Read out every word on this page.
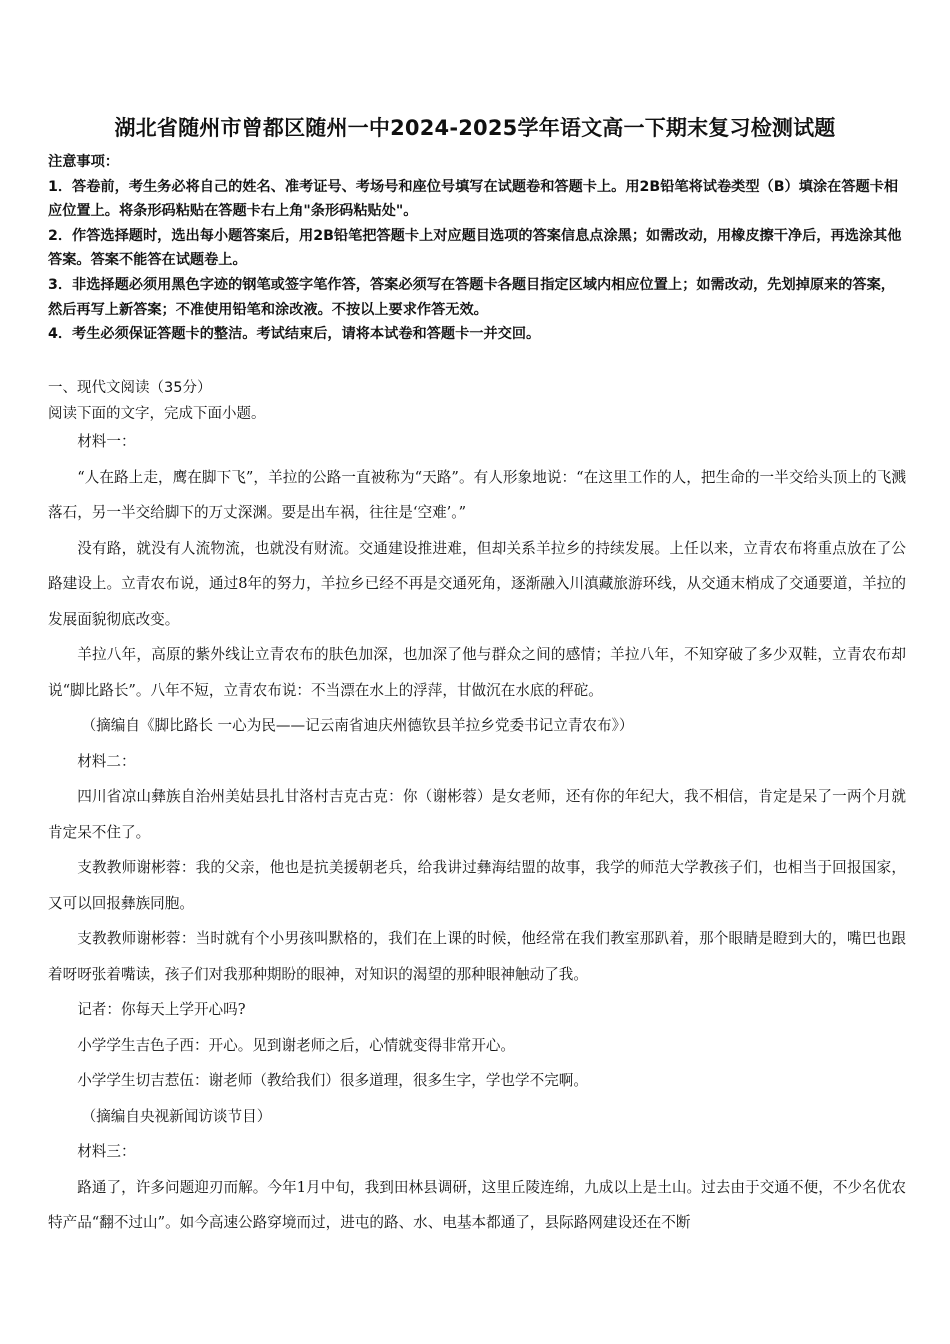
湖北省随州市曾都区随州一中2024-2025学年语文高一下期末复习检测试题

注意事项：

1．答卷前，考生务必将自己的姓名、准考证号、考场号和座位号填写在试题卷和答题卡上。用2B铅笔将试卷类型（B）填涂在答题卡相应位置上。将条形码粘贴在答题卡右上角"条形码粘贴处"。

2．作答选择题时，选出每小题答案后，用2B铅笔把答题卡上对应题目选项的答案信息点涂黑；如需改动，用橡皮擦干净后，再选涂其他答案。答案不能答在试题卷上。

3．非选择题必须用黑色字迹的钢笔或签字笔作答，答案必须写在答题卡各题目指定区域内相应位置上；如需改动，先划掉原来的答案，然后再写上新答案；不准使用铅笔和涂改液。不按以上要求作答无效。

4．考生必须保证答题卡的整洁。考试结束后，请将本试卷和答题卡一并交回。

一、现代文阅读（35分）
阅读下面的文字，完成下面小题。

材料一：

“人在路上走，鹰在脚下飞”，羊拉的公路一直被称为“天路”。有人形象地说：“在这里工作的人，把生命的一半交给头顶上的飞溅落石，另一半交给脚下的万丈深渊。要是出车祸，往往是‘空难’。”

没有路，就没有人流物流，也就没有财流。交通建设推进难，但却关系羊拉乡的持续发展。上任以来，立青农布将重点放在了公路建设上。立青农布说，通过8年的努力，羊拉乡已经不再是交通死角，逐渐融入川滇藏旅游环线，从交通末梢成了交通要道，羊拉的发展面貌彻底改变。

羊拉八年，高原的紫外线让立青农布的肤色加深，也加深了他与群众之间的感情；羊拉八年，不知穿破了多少双鞋，立青农布却说“脚比路长”。八年不短，立青农布说：不当漂在水上的浮萍，甘做沉在水底的秤砣。

（摘编自《脚比路长 一心为民——记云南省迪庆州德钦县羊拉乡党委书记立青农布》）

材料二：

四川省凉山彝族自治州美姑县扎甘洛村吉克古克：你（谢彬蓉）是女老师，还有你的年纪大，我不相信，肯定是呆了一两个月就肯定呆不住了。

支教教师谢彬蓉：我的父亲，他也是抗美援朝老兵，给我讲过彝海结盟的故事，我学的师范大学教孩子们，也相当于回报国家，又可以回报彝族同胞。

支教教师谢彬蓉：当时就有个小男孩叫默格的，我们在上课的时候，他经常在我们教室那趴着，那个眼睛是瞪到大的，嘴巴也跟着呀呀张着嘴读，孩子们对我那种期盼的眼神，对知识的渴望的那种眼神触动了我。

记者：你每天上学开心吗?

小学学生吉色子西：开心。见到谢老师之后，心情就变得非常开心。

小学学生切吉惹伍：谢老师（教给我们）很多道理，很多生字，学也学不完啊。

（摘编自央视新闻访谈节目）

材料三：

路通了，许多问题迎刃而解。今年1月中旬，我到田林县调研，这里丘陵连绵，九成以上是土山。过去由于交通不便，不少名优农特产品“翻不过山”。如今高速公路穿境而过，进屯的路、水、电基本都通了，县际路网建设还在不断
